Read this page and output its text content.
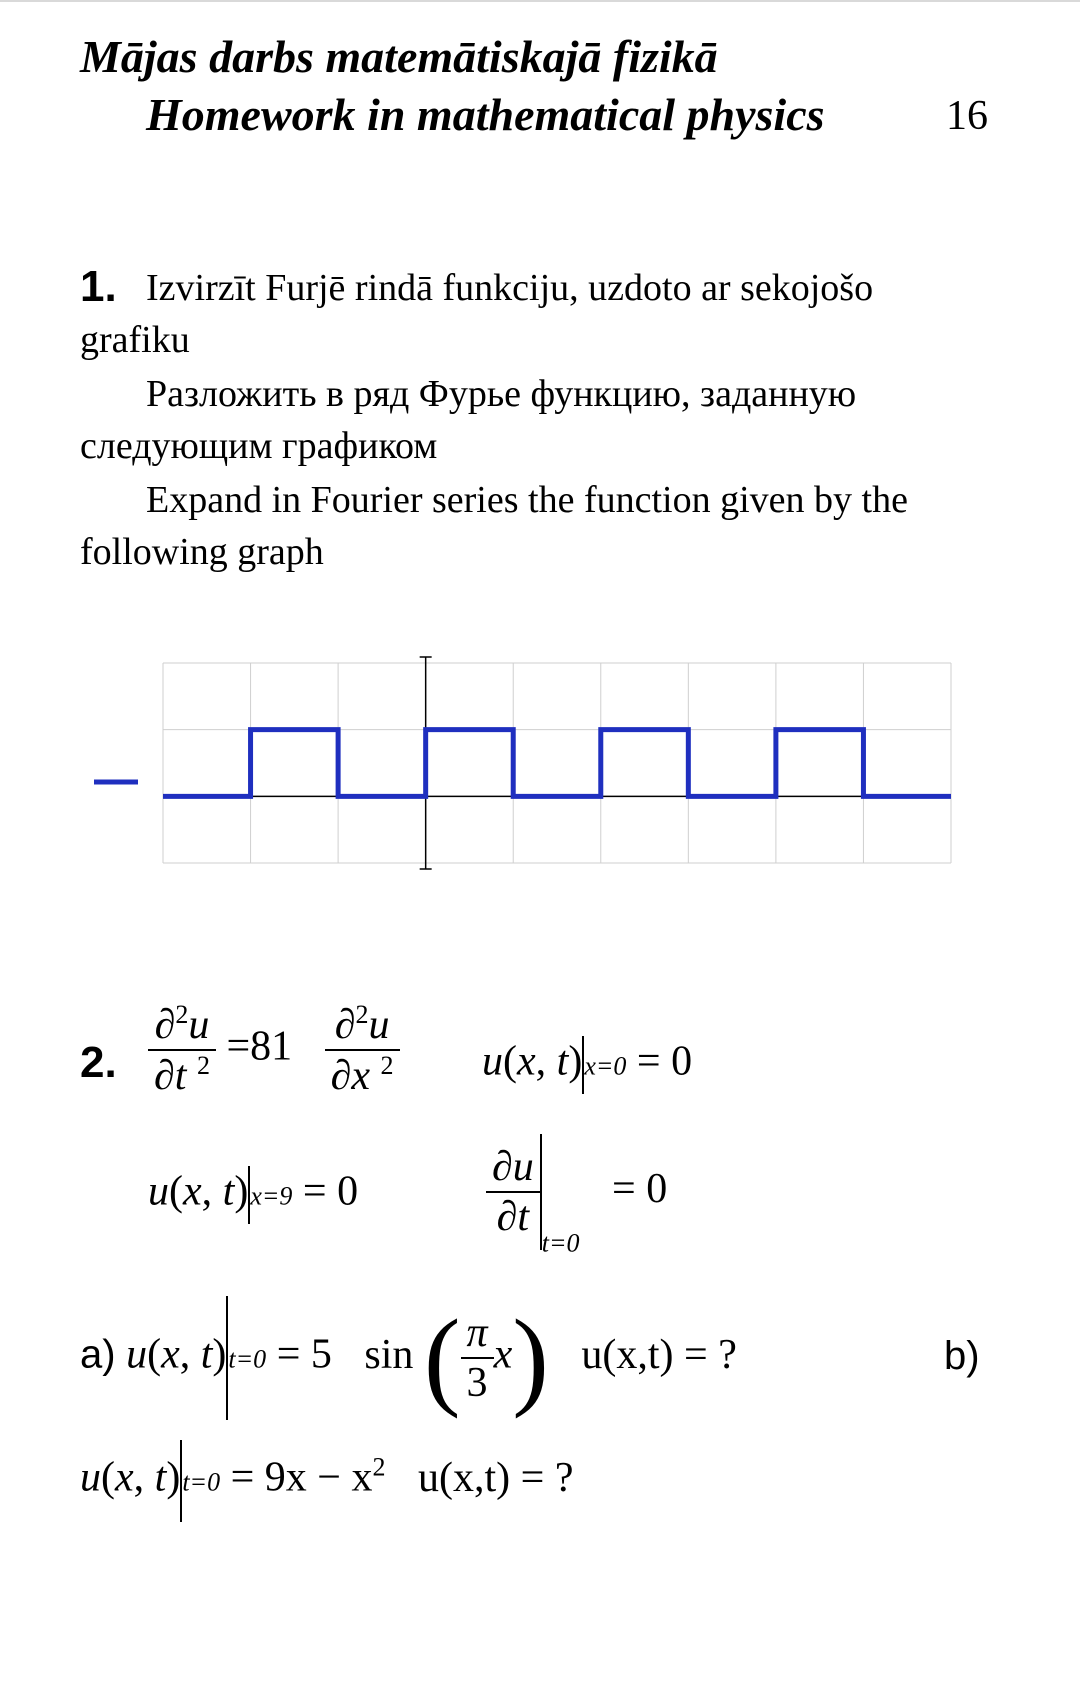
Mājas darbs matemātiskajā fizikā
Homework in mathematical physics	16
1. Izvirzīt Furjē rindā funkciju, uzdoto ar sekojošo
grafiku
Разложить в ряд Фурье функцию, заданную
следующим графиком
Expand in Fourier series the function given by the
following graph
2. $\frac{\partial^2u}{\partial t ^2} =81 \frac{\partial^2u}{\partial x ^2} u(x$, t)x=0 = 0
u(x, t)x=9 = 0	$\frac{\partial u}{\partial t}$
$_{t=0}$ = 0
a) u(x, t)t=0 = 5 sin ( $\frac{\pi}{3} x$) u(x,t) = ?	b)
u(x, $t)t=0 = 9x - x^2$ u(x,t) = ?
